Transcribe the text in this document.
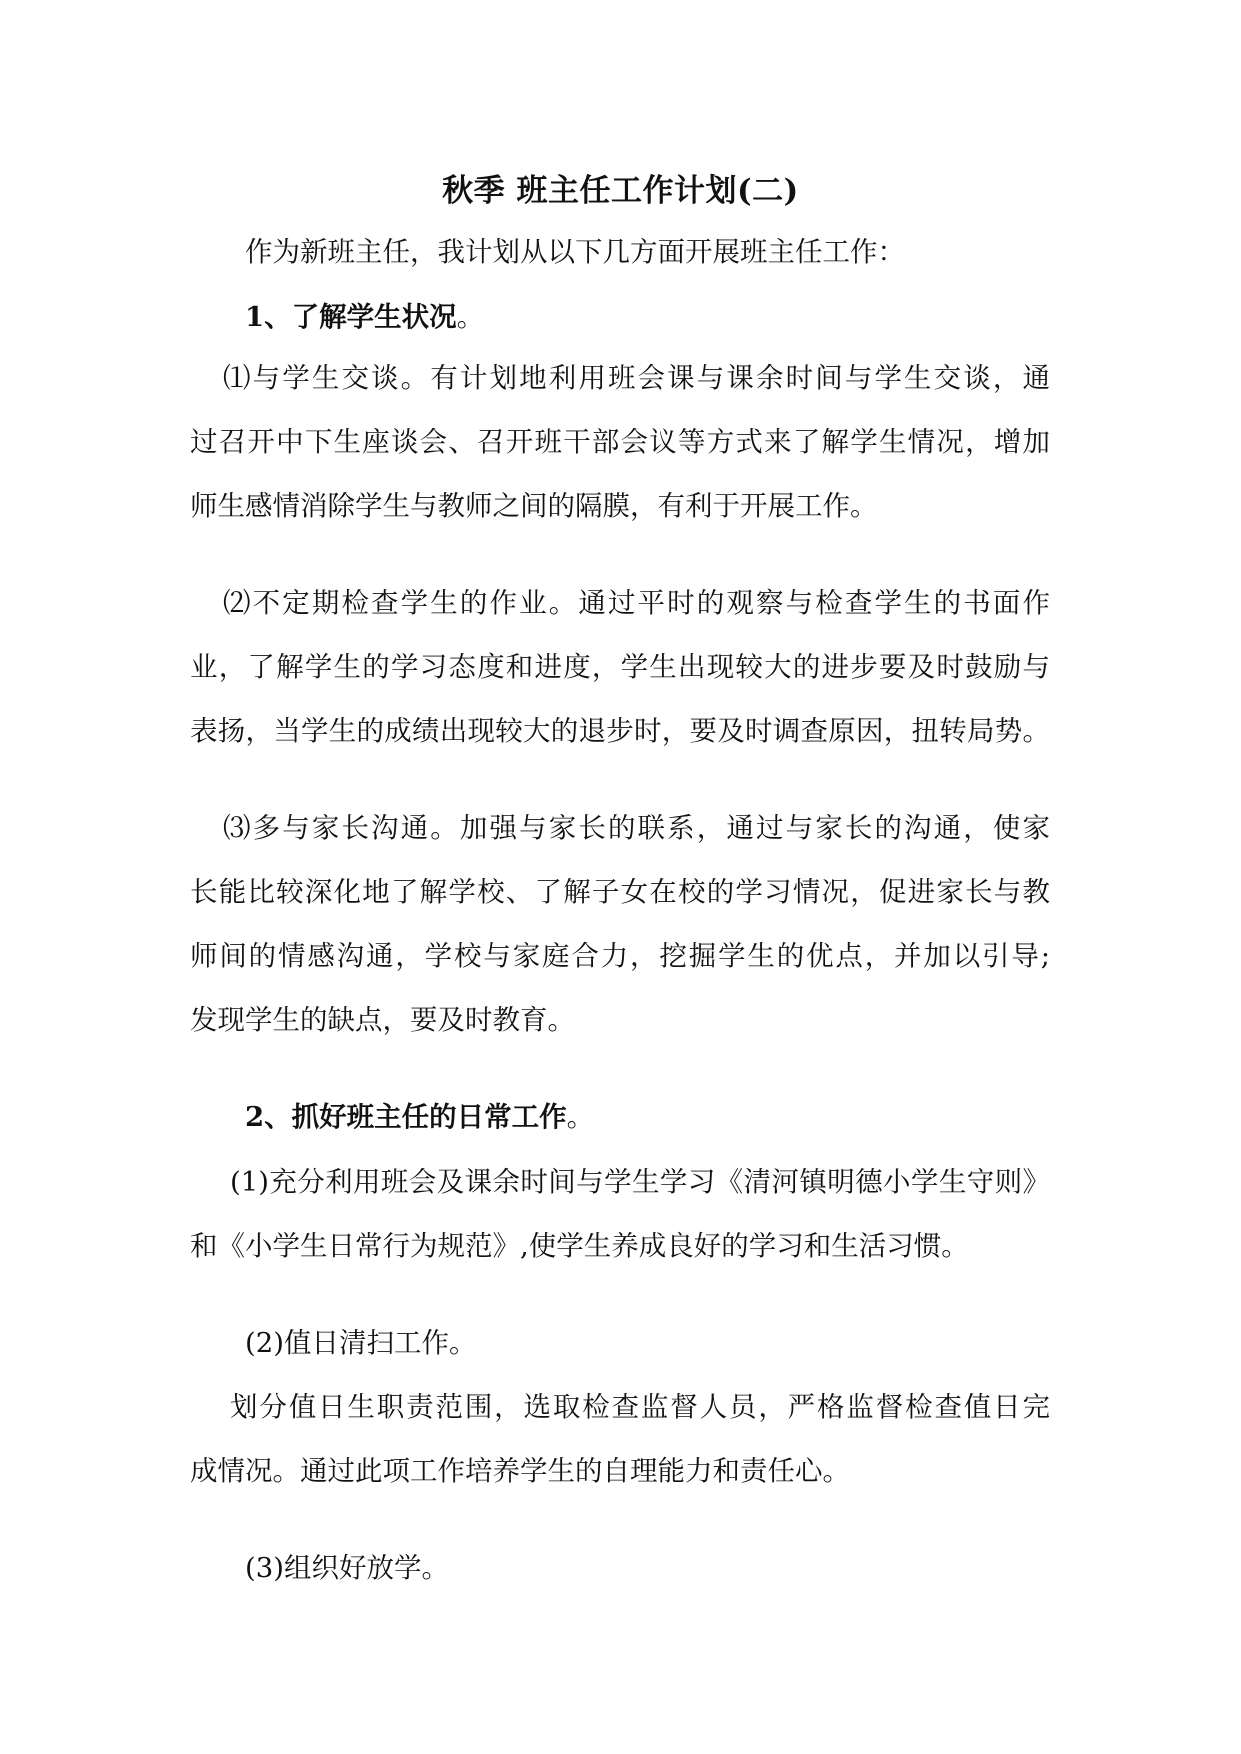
秋季 班主任工作计划(二)

作为新班主任，我计划从以下几方面开展班主任工作：

1、了解学生状况。

⑴与学生交谈。有计划地利用班会课与课余时间与学生交谈，通

过召开中下生座谈会、召开班干部会议等方式来了解学生情况，增加

师生感情消除学生与教师之间的隔膜，有利于开展工作。

⑵不定期检查学生的作业。通过平时的观察与检查学生的书面作

业，了解学生的学习态度和进度，学生出现较大的进步要及时鼓励与

表扬，当学生的成绩出现较大的退步时，要及时调查原因，扭转局势。

⑶多与家长沟通。加强与家长的联系，通过与家长的沟通，使家

长能比较深化地了解学校、了解子女在校的学习情况，促进家长与教

师间的情感沟通，学校与家庭合力，挖掘学生的优点，并加以引导;

发现学生的缺点，要及时教育。

2、抓好班主任的日常工作。

(1)充分利用班会及课余时间与学生学习《清河镇明德小学生守则》

和《小学生日常行为规范》,使学生养成良好的学习和生活习惯。

(2)值日清扫工作。

划分值日生职责范围，选取检查监督人员，严格监督检查值日完

成情况。通过此项工作培养学生的自理能力和责任心。

(3)组织好放学。
